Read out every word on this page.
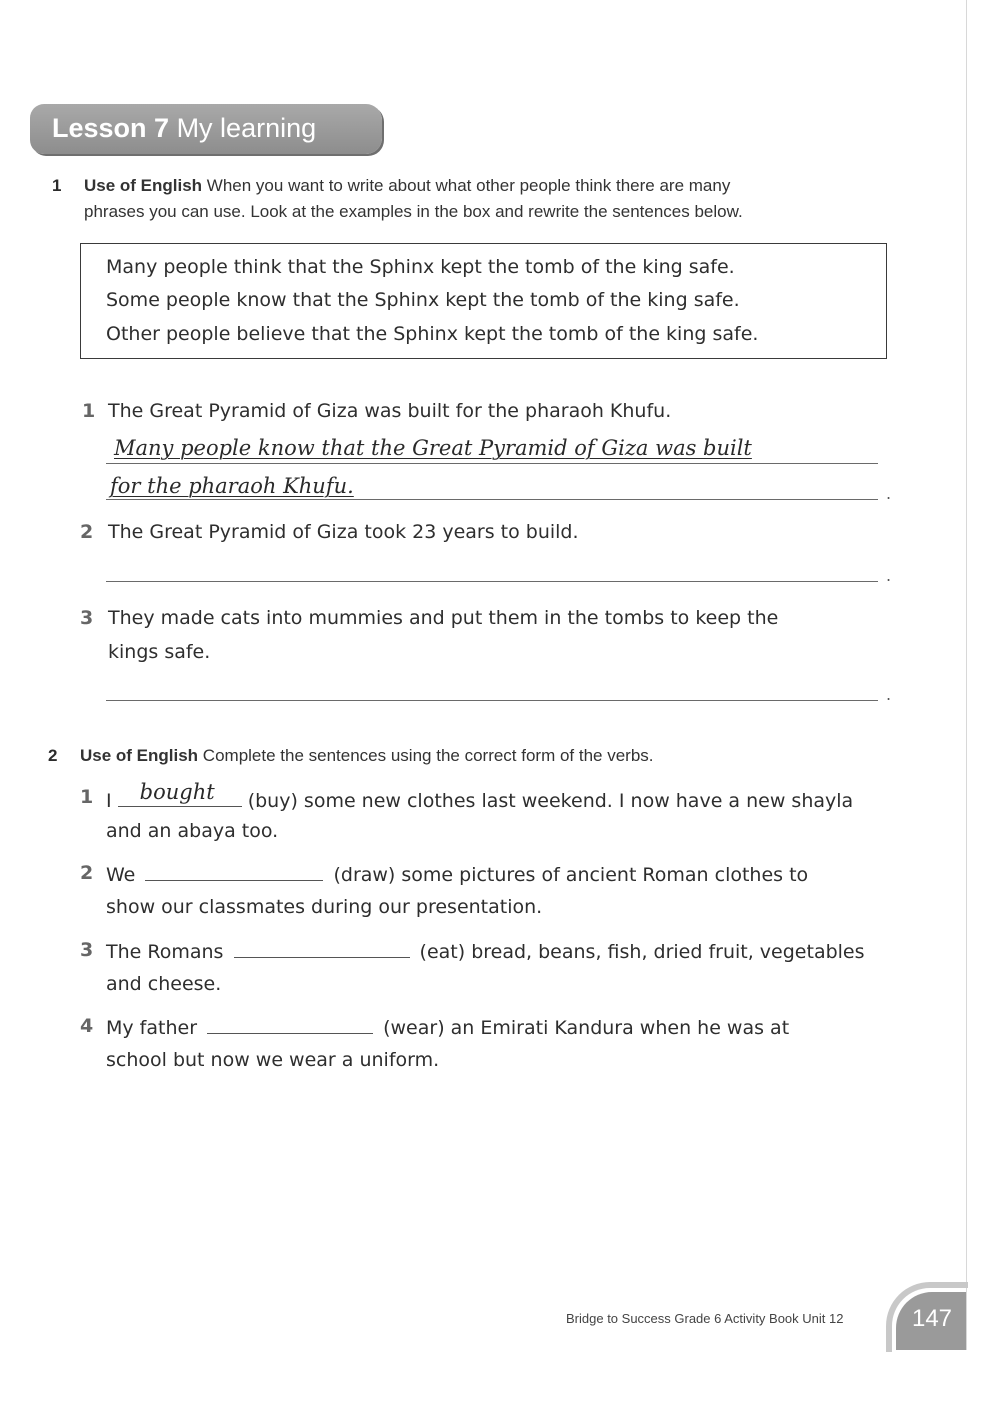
Lesson 7 My learning
1 Use of English When you want to write about what other people think there are many
phrases you can use. Look at the examples in the box and rewrite the sentences below.
Many people think that the Sphinx kept the tomb of the king safe.
Some people know that the Sphinx kept the tomb of the king safe.
Other people believe that the Sphinx kept the tomb of the king safe.
1 The Great Pyramid of Giza was built for the pharaoh Khufu.
Many people know that the Great Pyramid of Giza was built
for the pharaoh Khufu.	.
2 The Great Pyramid of Giza took 23 years to build.
.
3 They made cats into mummies and put them in the tombs to keep the
kings safe.
.
2 Use of English Complete the sentences using the correct form of the verbs.
1 I bought (buy) some new clothes last weekend. I now have a new shayla
and an abaya too.
2 We	(draw) some pictures of ancient Roman clothes to
show our classmates during our presentation.
3 The Romans	(eat) bread, beans, fish, dried fruit, vegetables
and cheese.
4 My father	(wear) an Emirati Kandura when he was at
school but now we wear a uniform.
Bridge to Success Grade 6 Activity Book Unit 12	147
